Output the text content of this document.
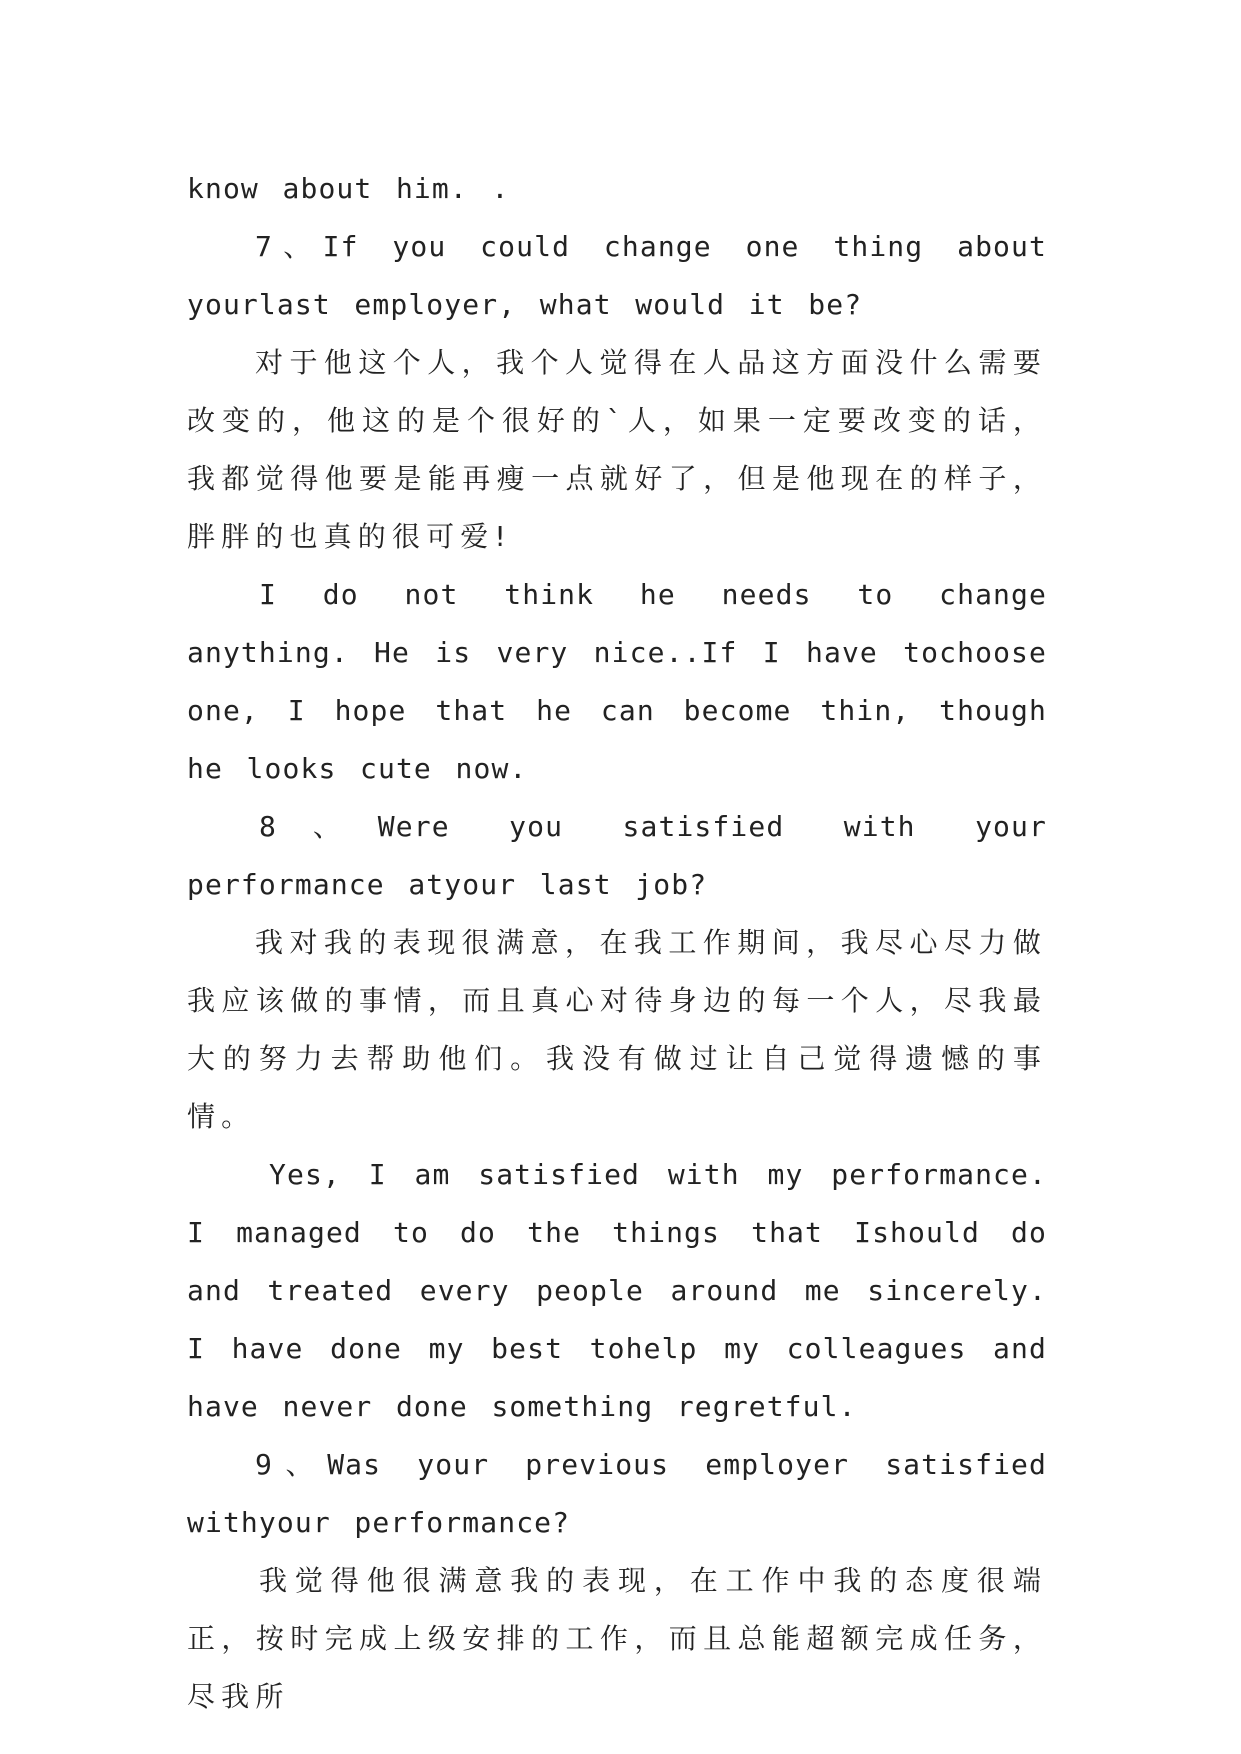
know about him. .

7、If you could change one thing about yourlast employer, what would it be?

对于他这个人，我个人觉得在人品这方面没什么需要改变的，他这的是个很好的`人，如果一定要改变的话，我都觉得他要是能再瘦一点就好了，但是他现在的样子，胖胖的也真的很可爱!

I do not think he needs to change anything. He is very nice..If I have tochoose one, I hope that he can become thin, though he looks cute now.

8、Were you satisfied with your performance atyour last job?

我对我的表现很满意，在我工作期间，我尽心尽力做我应该做的事情，而且真心对待身边的每一个人，尽我最大的努力去帮助他们。我没有做过让自己觉得遗憾的事情。

Yes, I am satisfied with my performance. I managed to do the things that Ishould do and treated every people around me sincerely. I have done my best tohelp my colleagues and have never done something regretful.

9、Was your previous employer satisfied withyour performance?

我觉得他很满意我的表现，在工作中我的态度很端正，按时完成上级安排的工作，而且总能超额完成任务，尽我所
